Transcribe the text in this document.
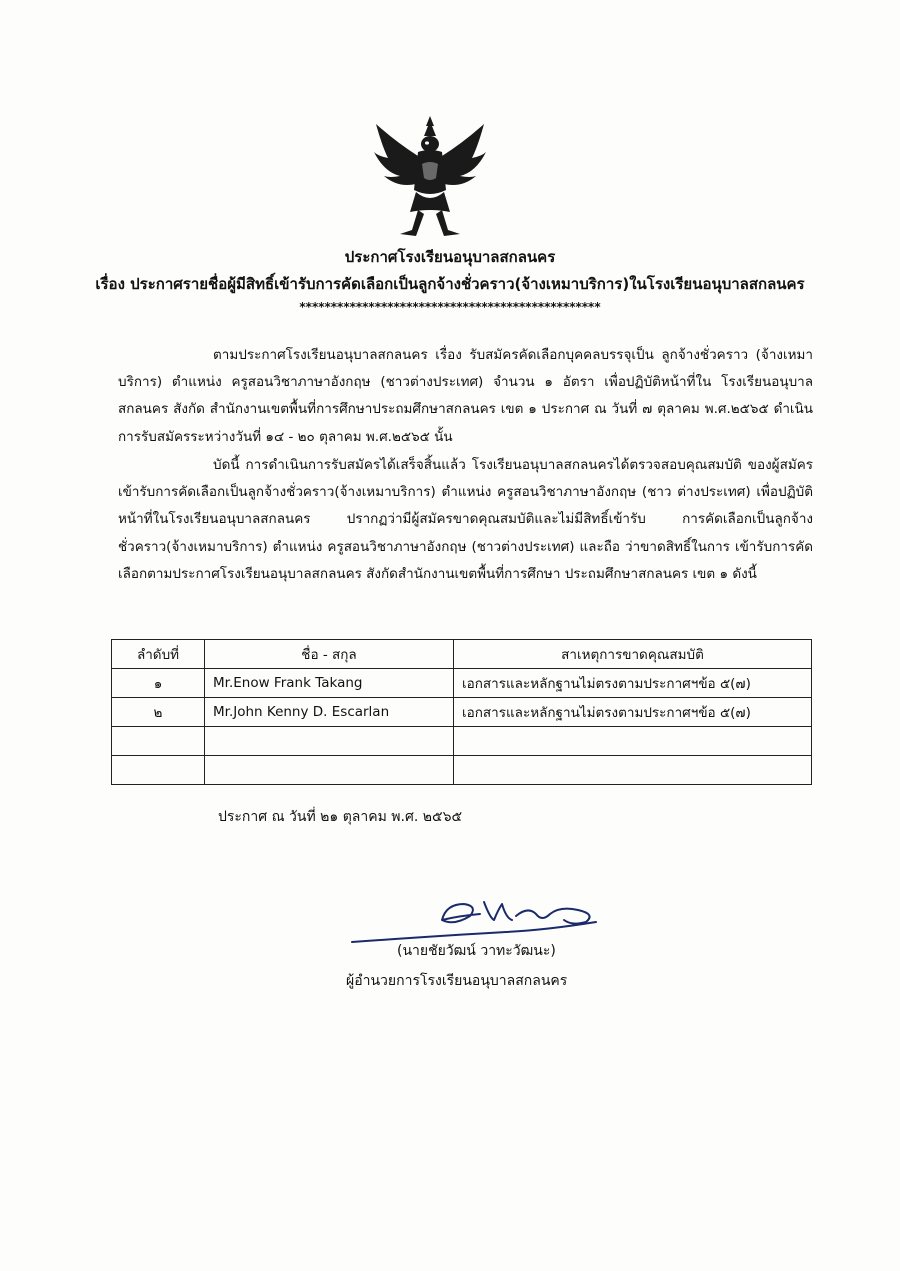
ประกาศโรงเรียนอนุบาลสกลนคร
เรื่อง ประกาศรายชื่อผู้มีสิทธิ์เข้ารับการคัดเลือกเป็นลูกจ้างชั่วคราว(จ้างเหมาบริการ)ในโรงเรียนอนุบาลสกลนคร
************************************************
ตามประกาศโรงเรียนอนุบาลสกลนคร เรื่อง รับสมัครคัดเลือกบุคคลบรรจุเป็น ลูกจ้างชั่วคราว (จ้างเหมาบริการ) ตำแหน่ง ครูสอนวิชาภาษาอังกฤษ (ชาวต่างประเทศ) จำนวน ๑ อัตรา เพื่อปฏิบัติหน้าที่ใน โรงเรียนอนุบาลสกลนคร สังกัด สำนักงานเขตพื้นที่การศึกษาประถมศึกษาสกลนคร เขต ๑ ประกาศ ณ วันที่ ๗ ตุลาคม พ.ศ.๒๕๖๕ ดำเนินการรับสมัครระหว่างวันที่ ๑๔ - ๒๐ ตุลาคม พ.ศ.๒๕๖๕ นั้น
บัดนี้ การดำเนินการรับสมัครได้เสร็จสิ้นแล้ว โรงเรียนอนุบาลสกลนครได้ตรวจสอบคุณสมบัติ ของผู้สมัครเข้ารับการคัดเลือกเป็นลูกจ้างชั่วคราว(จ้างเหมาบริการ) ตำแหน่ง ครูสอนวิชาภาษาอังกฤษ (ชาว ต่างประเทศ) เพื่อปฏิบัติหน้าที่ในโรงเรียนอนุบาลสกลนคร ปรากฏว่ามีผู้สมัครขาดคุณสมบัติและไม่มีสิทธิ์เข้ารับ การคัดเลือกเป็นลูกจ้างชั่วคราว(จ้างเหมาบริการ) ตำแหน่ง ครูสอนวิชาภาษาอังกฤษ (ชาวต่างประเทศ) และถือ ว่าขาดสิทธิ์ในการ เข้ารับการคัดเลือกตามประกาศโรงเรียนอนุบาลสกลนคร สังกัดสำนักงานเขตพื้นที่การศึกษา ประถมศึกษาสกลนคร เขต ๑ ดังนี้
ลำดับที่	ชื่อ - สกุล	สาเหตุการขาดคุณสมบัติ
๑	Mr.Enow Frank Takang	เอกสารและหลักฐานไม่ตรงตามประกาศฯข้อ ๕(๗)
๒	Mr.John Kenny D. Escarlan	เอกสารและหลักฐานไม่ตรงตามประกาศฯข้อ ๕(๗)

ประกาศ ณ วันที่ ๒๑ ตุลาคม พ.ศ. ๒๕๖๕
(นายชัยวัฒน์ วาทะวัฒนะ)
ผู้อำนวยการโรงเรียนอนุบาลสกลนคร
